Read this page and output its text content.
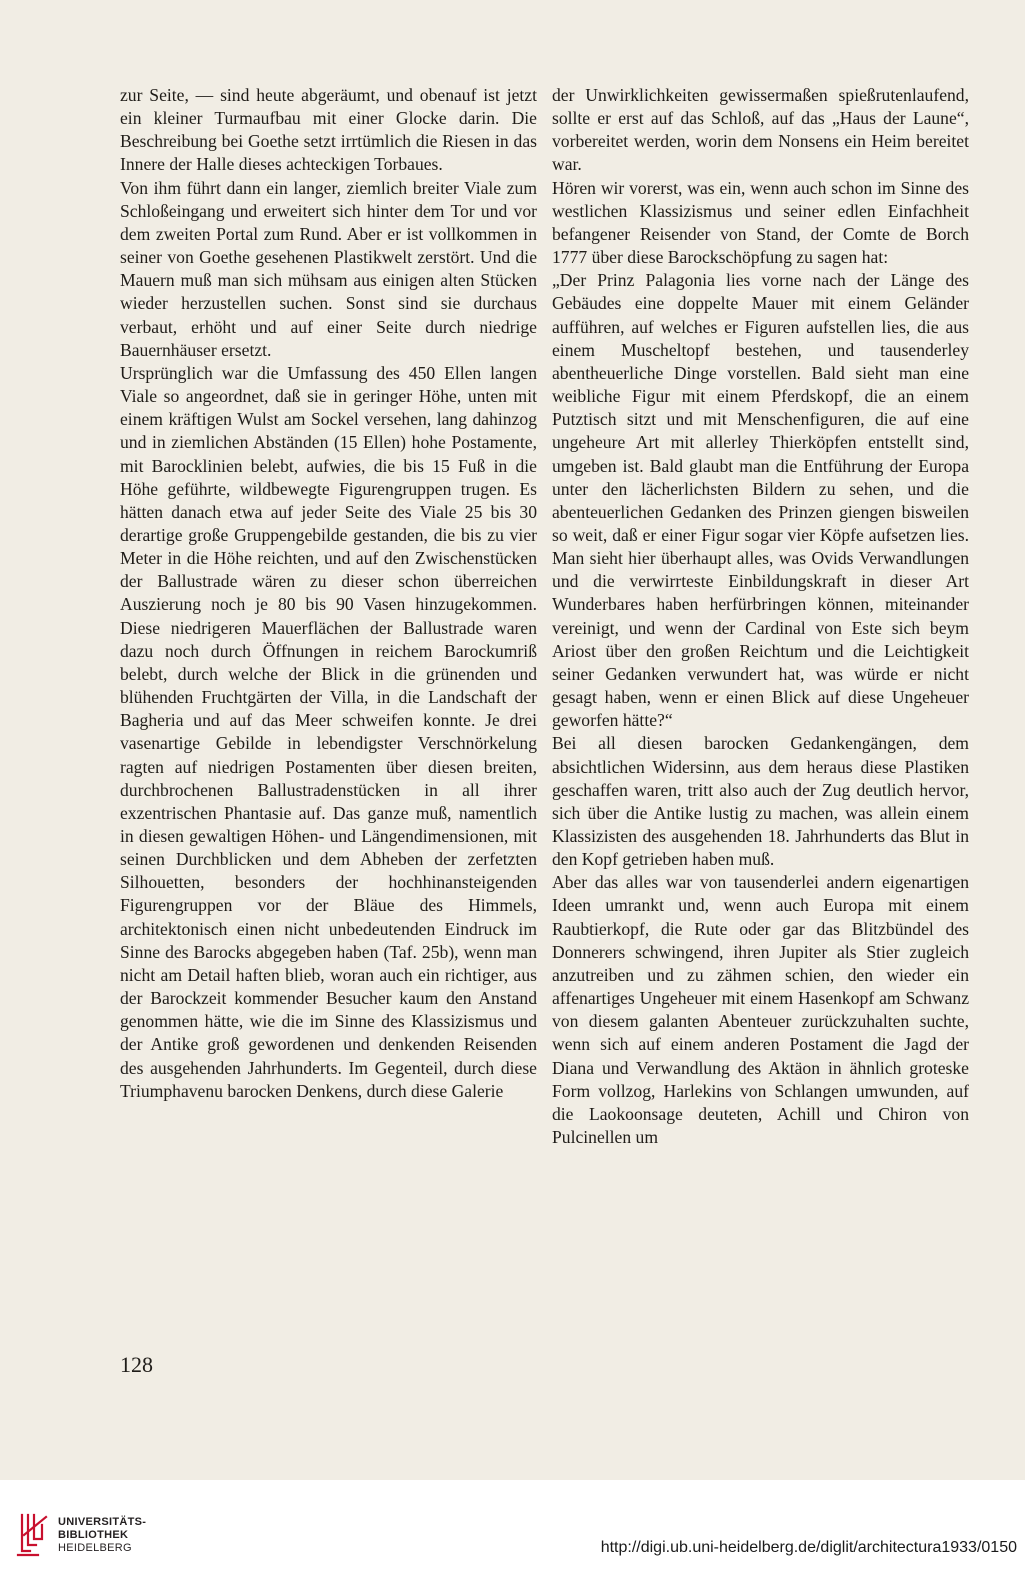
zur Seite, — sind heute abgeräumt, und obenauf ist jetzt ein kleiner Turmaufbau mit einer Glocke darin. Die Beschreibung bei Goethe setzt irrtümlich die Riesen in das Innere der Halle dieses achteckigen Torbaues.

Von ihm führt dann ein langer, ziemlich breiter Viale zum Schloßeingang und erweitert sich hinter dem Tor und vor dem zweiten Portal zum Rund. Aber er ist vollkommen in seiner von Goethe gesehenen Plastikwelt zerstört. Und die Mauern muß man sich mühsam aus einigen alten Stücken wieder herzustellen suchen. Sonst sind sie durchaus verbaut, erhöht und auf einer Seite durch niedrige Bauernhäuser ersetzt.

Ursprünglich war die Umfassung des 450 Ellen langen Viale so angeordnet, daß sie in geringer Höhe, unten mit einem kräftigen Wulst am Sockel versehen, lang dahinzog und in ziemlichen Abständen (15 Ellen) hohe Postamente, mit Barocklinien belebt, aufwies, die bis 15 Fuß in die Höhe geführte, wildbewegte Figurengruppen trugen. Es hätten danach etwa auf jeder Seite des Viale 25 bis 30 derartige große Gruppengebilde gestanden, die bis zu vier Meter in die Höhe reichten, und auf den Zwischenstücken der Ballustrade wären zu dieser schon überreichen Auszierung noch je 80 bis 90 Vasen hinzugekommen. Diese niedrigeren Mauerflächen der Ballustrade waren dazu noch durch Öffnungen in reichem Barockumriß belebt, durch welche der Blick in die grünenden und blühenden Fruchtgärten der Villa, in die Landschaft der Bagheria und auf das Meer schweifen konnte. Je drei vasenartige Gebilde in lebendigster Verschnörkelung ragten auf niedrigen Postamenten über diesen breiten, durchbrochenen Ballustradenstücken in all ihrer exzentrischen Phantasie auf. Das ganze muß, namentlich in diesen gewaltigen Höhen- und Längendimensionen, mit seinen Durchblicken und dem Abheben der zerfetzten Silhouetten, besonders der hochhinansteigenden Figurengruppen vor der Bläue des Himmels, architektonisch einen nicht unbedeutenden Eindruck im Sinne des Barocks abgegeben haben (Taf. 25b), wenn man nicht am Detail haften blieb, woran auch ein richtiger, aus der Barockzeit kommender Besucher kaum den Anstand genommen hätte, wie die im Sinne des Klassizismus und der Antike groß gewordenen und denkenden Reisenden des ausgehenden Jahrhunderts. Im Gegenteil, durch diese Triumphavenu barocken Denkens, durch diese Galerie

der Unwirklichkeiten gewissermaßen spießrutenlaufend, sollte er erst auf das Schloß, auf das „Haus der Laune“, vorbereitet werden, worin dem Nonsens ein Heim bereitet war.

Hören wir vorerst, was ein, wenn auch schon im Sinne des westlichen Klassizismus und seiner edlen Einfachheit befangener Reisender von Stand, der Comte de Borch 1777 über diese Barockschöpfung zu sagen hat:

„Der Prinz Palagonia lies vorne nach der Länge des Gebäudes eine doppelte Mauer mit einem Geländer aufführen, auf welches er Figuren aufstellen lies, die aus einem Muscheltopf bestehen, und tausenderley abentheuerliche Dinge vorstellen. Bald sieht man eine weibliche Figur mit einem Pferdskopf, die an einem Putztisch sitzt und mit Menschenfiguren, die auf eine ungeheure Art mit allerley Thierköpfen entstellt sind, umgeben ist. Bald glaubt man die Entführung der Europa unter den lächerlichsten Bildern zu sehen, und die abenteuerlichen Gedanken des Prinzen giengen bisweilen so weit, daß er einer Figur sogar vier Köpfe aufsetzen lies. Man sieht hier überhaupt alles, was Ovids Verwandlungen und die verwirrteste Einbildungskraft in dieser Art Wunderbares haben herfürbringen können, miteinander vereinigt, und wenn der Cardinal von Este sich beym Ariost über den großen Reichtum und die Leichtigkeit seiner Gedanken verwundert hat, was würde er nicht gesagt haben, wenn er einen Blick auf diese Ungeheuer geworfen hätte?“

Bei all diesen barocken Gedankengängen, dem absichtlichen Widersinn, aus dem heraus diese Plastiken geschaffen waren, tritt also auch der Zug deutlich hervor, sich über die Antike lustig zu machen, was allein einem Klassizisten des ausgehenden 18. Jahrhunderts das Blut in den Kopf getrieben haben muß.

Aber das alles war von tausenderlei andern eigenartigen Ideen umrankt und, wenn auch Europa mit einem Raubtierkopf, die Rute oder gar das Blitzbündel des Donnerers schwingend, ihren Jupiter als Stier zugleich anzutreiben und zu zähmen schien, den wieder ein affenartiges Ungeheuer mit einem Hasenkopf am Schwanz von diesem galanten Abenteuer zurückzuhalten suchte, wenn sich auf einem anderen Postament die Jagd der Diana und Verwandlung des Aktäon in ähnlich groteske Form vollzog, Harlekins von Schlangen umwunden, auf die Laokoonsage deuteten, Achill und Chiron von Pulcinellen um

128
UNIVERSITÄTS-
BIBLIOTHEK
HEIDELBERG	http://digi.ub.uni-heidelberg.de/diglit/architectura1933/0150
